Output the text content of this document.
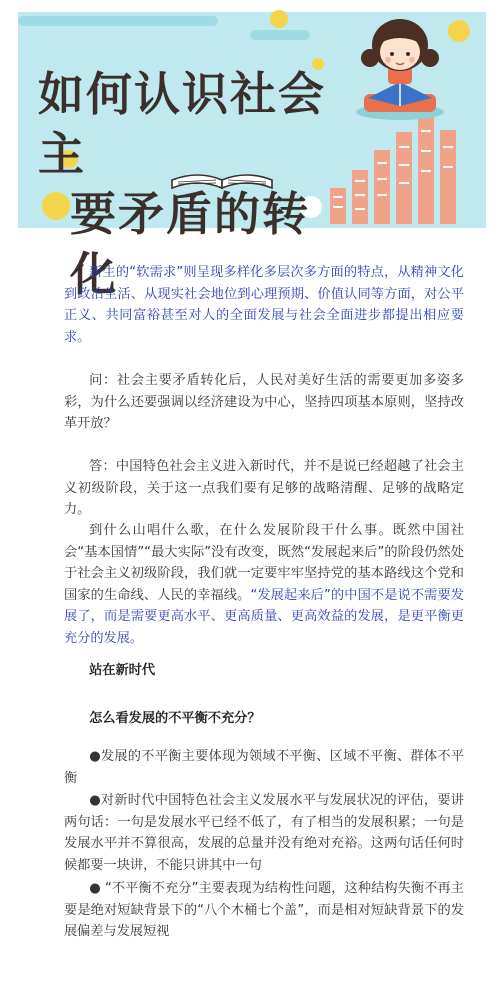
如何认识社会主
要矛盾的转化

新生的“软需求”则呈现多样化多层次多方面的特点，从精神文化到政治生活、从现实社会地位到心理预期、价值认同等方面，对公平正义、共同富裕甚至对人的全面发展与社会全面进步都提出相应要求。

问：社会主要矛盾转化后，人民对美好生活的需要更加多姿多彩，为什么还要强调以经济建设为中心，坚持四项基本原则，坚持改革开放？

答：中国特色社会主义进入新时代，并不是说已经超越了社会主义初级阶段，关于这一点我们要有足够的战略清醒、足够的战略定力。

到什么山唱什么歌，在什么发展阶段干什么事。既然中国社会“基本国情”“最大实际”没有改变，既然“发展起来后”的阶段仍然处于社会主义初级阶段，我们就一定要牢牢坚持党的基本路线这个党和国家的生命线、人民的幸福线。“发展起来后”的中国不是说不需要发展了，而是需要更高水平、更高质量、更高效益的发展，是更平衡更充分的发展。

站在新时代

怎么看发展的不平衡不充分？

●发展的不平衡主要体现为领域不平衡、区域不平衡、群体不平衡

●对新时代中国特色社会主义发展水平与发展状况的评估，要讲两句话：一句是发展水平已经不低了，有了相当的发展积累；一句是发展水平并不算很高，发展的总量并没有绝对充裕。这两句话任何时候都要一块讲，不能只讲其中一句

● “不平衡不充分”主要表现为结构性问题，这种结构失衡不再主要是绝对短缺背景下的“八个木桶七个盖”，而是相对短缺背景下的发展偏差与发展短视
